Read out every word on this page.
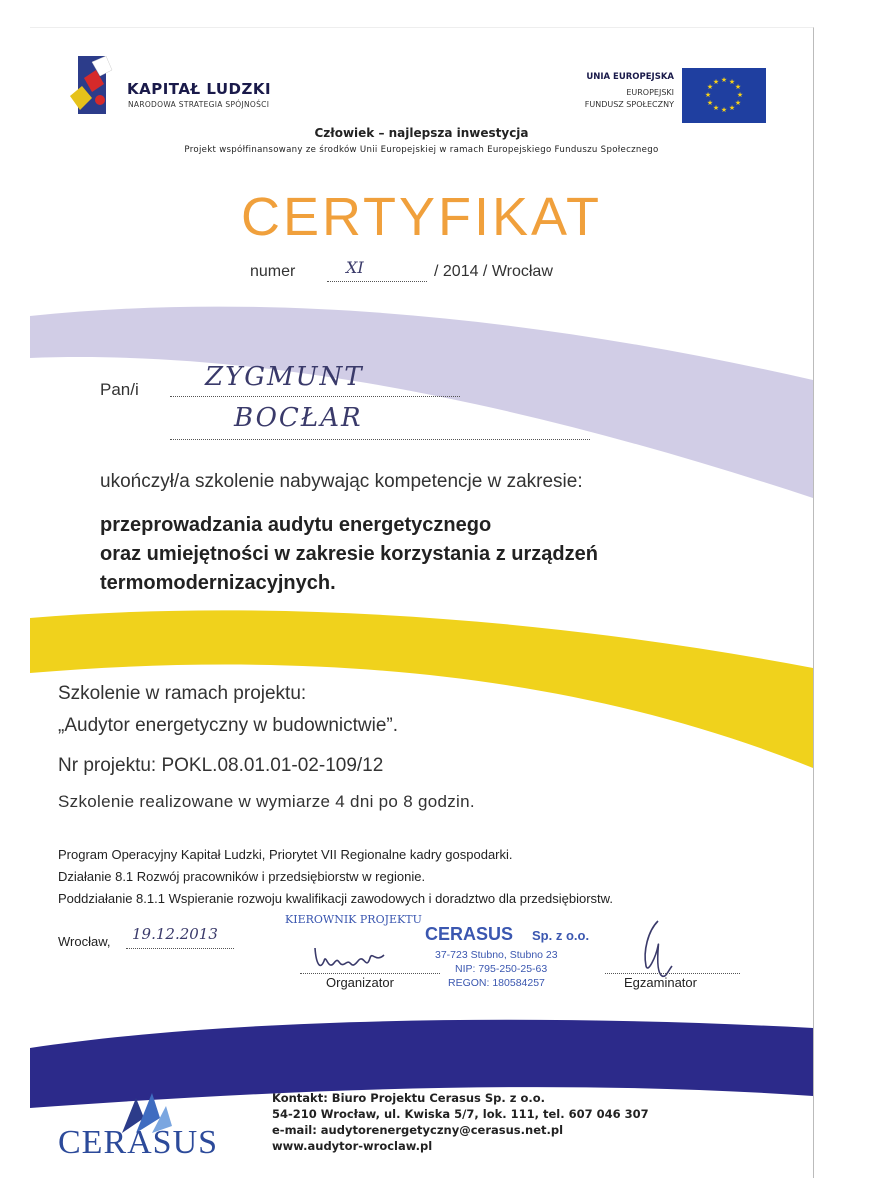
KAPITAŁ LUDZKI
NARODOWA STRATEGIA SPÓJNOŚCI
UNIA EUROPEJSKA
EUROPEJSKI
FUNDUSZ SPOŁECZNY
★ ★
★
★
★
★
★
★
★
★
★
★
Człowiek – najlepsza inwestycja
Projekt współfinansowany ze środków Unii Europejskiej w ramach Europejskiego Funduszu Społecznego
CERTYFIKAT
numer	XI	/ 2014 / Wrocław
Pan/i	ZYGMUNT
BOCŁAR
ukończył/a szkolenie nabywając kompetencje w zakresie:
przeprowadzania audytu energetycznego
oraz umiejętności w zakresie korzystania z urządzeń
termomodernizacyjnych.
Szkolenie w ramach projektu:
„Audytor energetyczny w budownictwie”.
Nr projektu: POKL.08.01.01-02-109/12
Szkolenie realizowane w wymiarze 4 dni po 8 godzin.
Program Operacyjny Kapitał Ludzki, Priorytet VII Regionalne kadry gospodarki.
Działanie 8.1 Rozwój pracowników i przedsiębiorstw w regionie.
Poddziałanie 8.1.1 Wspieranie rozwoju kwalifikacji zawodowych i doradztwo dla przedsiębiorstw.
Wrocław, 19.12.2013
KIEROWNIK PROJEKTU
CERASUS Sp. z o.o.
37-723 Stubno, Stubno 23
NIP: 795-250-25-63
REGON: 180584257
Organizator	Egzaminator
CERASUS
Kontakt: Biuro Projektu Cerasus Sp. z o.o.
54-210 Wrocław, ul. Kwiska 5/7, lok. 111, tel. 607 046 307
e-mail: audytorenergetyczny@cerasus.net.pl
www.audytor-wroclaw.pl
